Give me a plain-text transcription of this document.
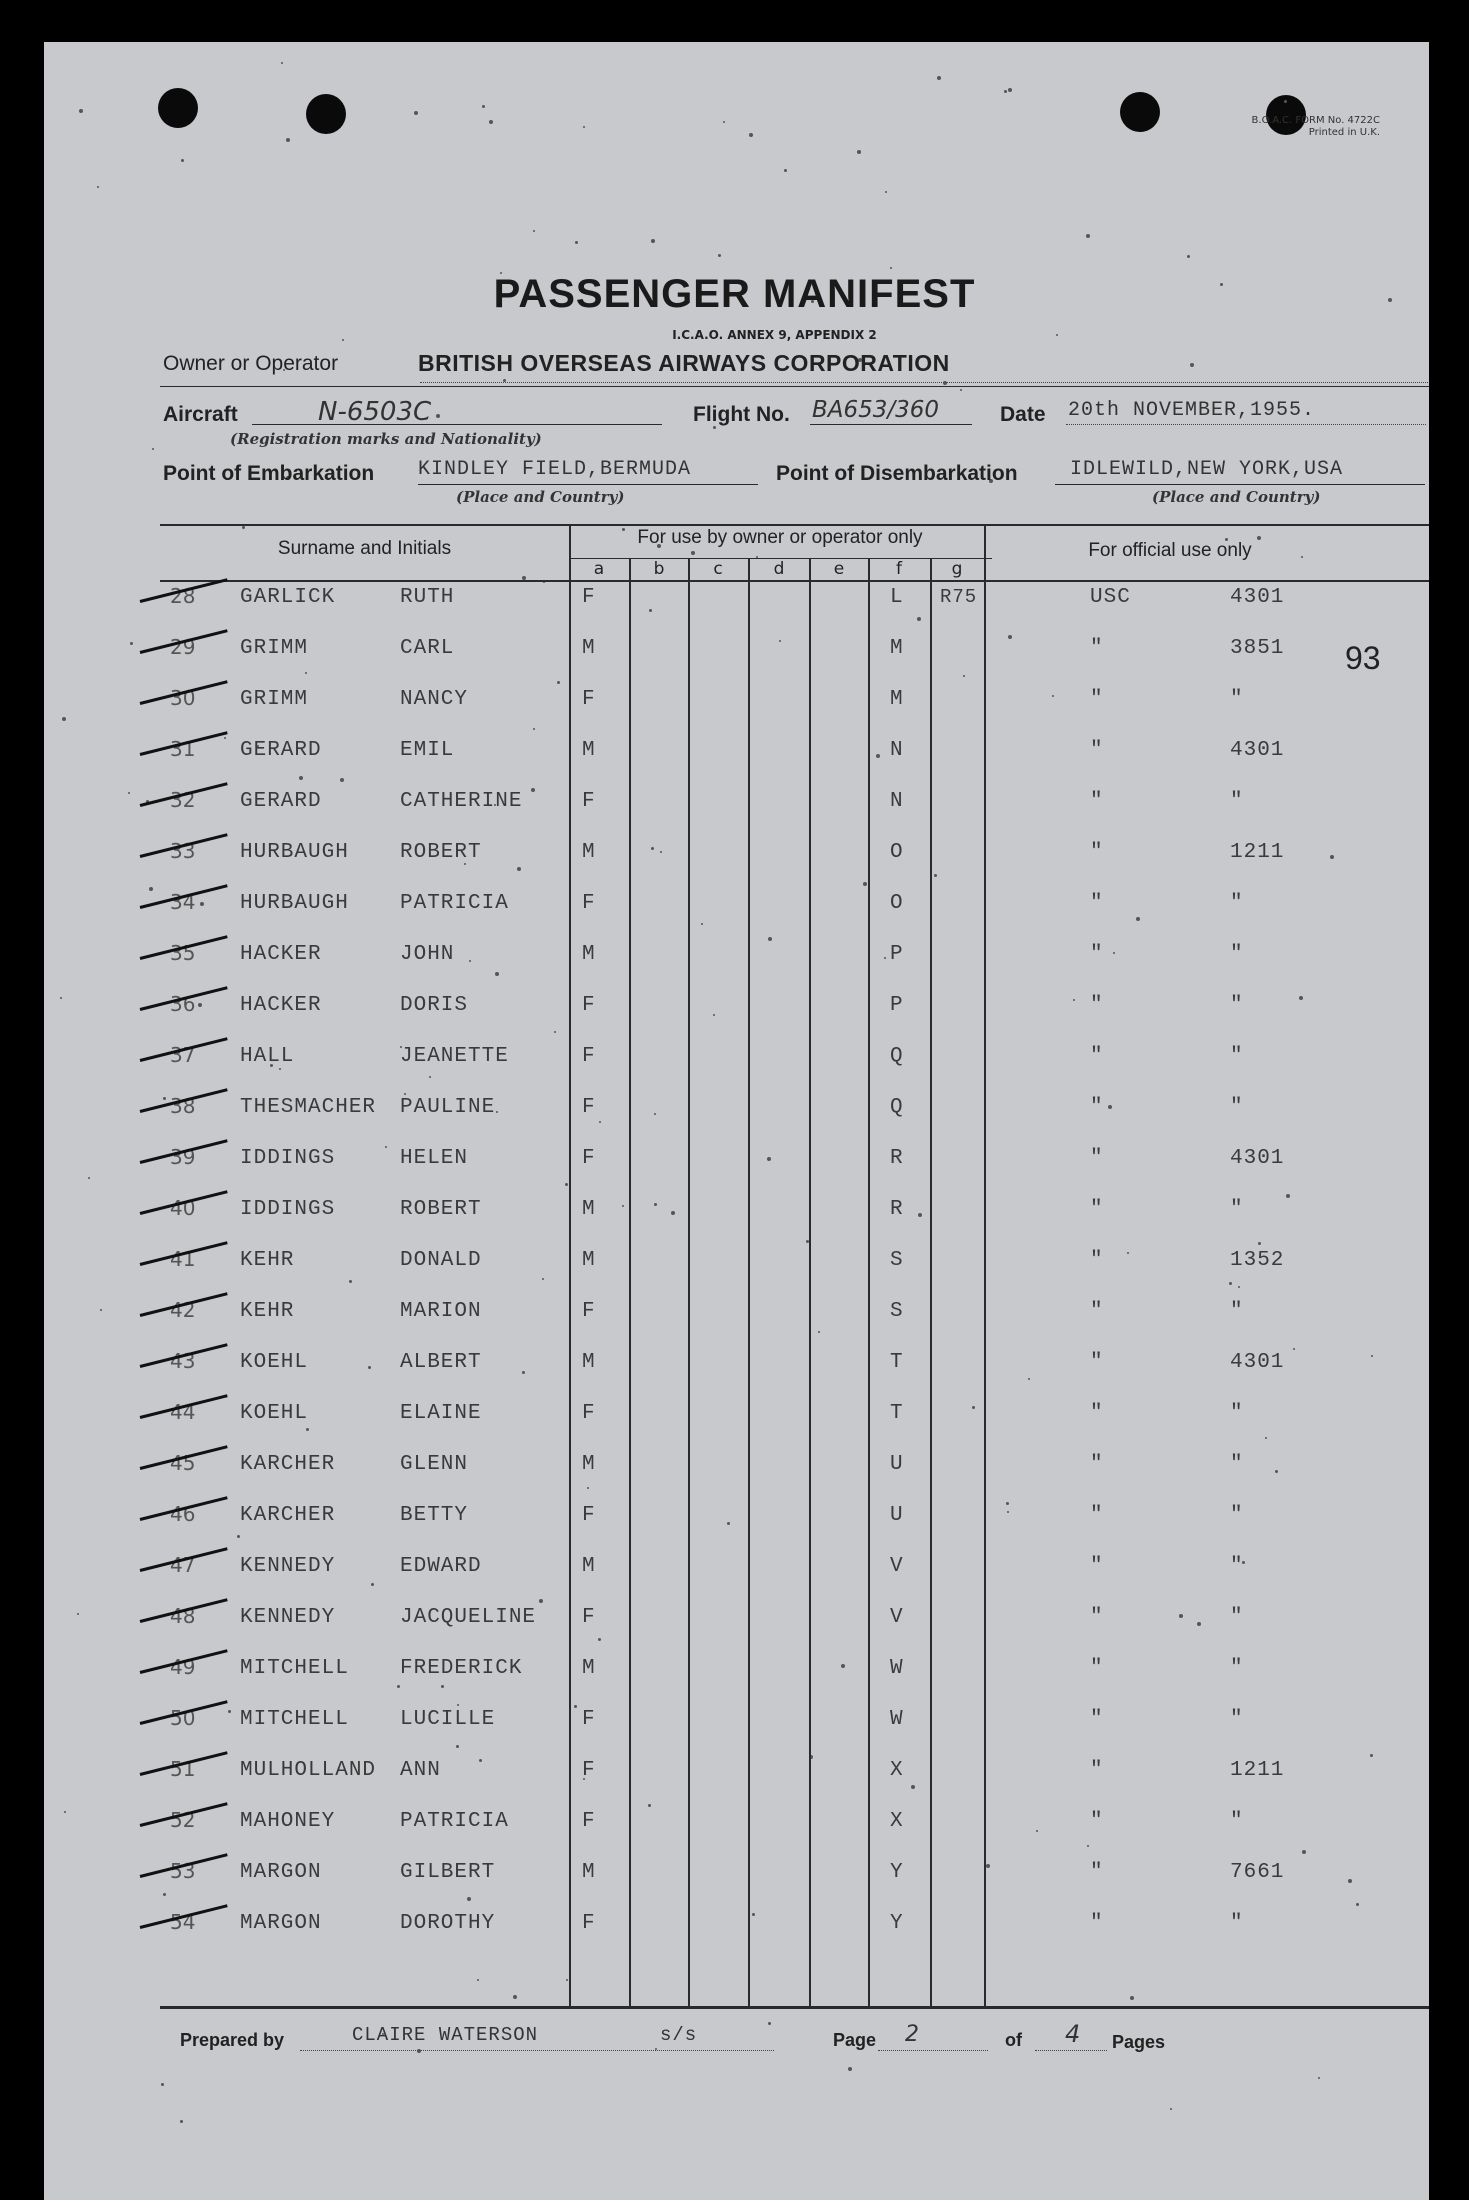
B.O.A.C. FORM No. 4722C
Printed in U.K.
PASSENGER MANIFEST
I.C.A.O. ANNEX 9, APPENDIX 2
Owner or Operator	BRITISH OVERSEAS AIRWAYS CORPORATION
Aircraft	N-6503C
(Registration marks and Nationality)
Flight No. BA653/360	Date 20th NOVEMBER,1955.
Point of Embarkation KINDLEY FIELD,BERMUDA
(Place and Country)
Point of Disembarkation	IDLEWILD,NEW YORK,USA
(Place and Country)
Surname and Initials
For use by owner or operator only
For official use only
a	b	c	d	e	f	g
28 GARLICK	RUTH	F	L R75	USC	4301
29 GRIMM	CARL	M	M	"	3851
30 GRIMM	NANCY	F	M	"	"
31 GERARD	EMIL	M	N	"	4301
32 GERARD	CATHERINE	F	N	"	"
33 HURBAUGH ROBERT	M	O	"	1211
34 HURBAUGH PATRICIA	F	O	"	"
35 HACKER	JOHN	M	P	"	"
36 HACKER	DORIS	F	P	"	"
37 HALL	JEANETTE	F	Q	"	"
38 THESMACHER PAULINE	F	Q	"	"
39 IDDINGS	HELEN	F	R	"	4301
40 IDDINGS	ROBERT	M	R	"	"
41 KEHR	DONALD	M	S	"	1352
42 KEHR	MARION	F	S	"	"
43 KOEHL	ALBERT	M	T	"	4301
44 KOEHL	ELAINE	F	T	"	"
45 KARCHER	GLENN	M	U	"	"
46 KARCHER	BETTY	F	U	"	"
47 KENNEDY	EDWARD	M	V	"	"
48 KENNEDY	JACQUELINE F	V	"	"
49 MITCHELL FREDERICK	M	W	"	"
50 MITCHELL LUCILLE	F	W	"	"
51 MULHOLLAND ANN	F	X	"	1211
52 MAHONEY	PATRICIA	F	X	"	"
53 MARGON	GILBERT	M	Y	"	7661
54 MARGON	DOROTHY	F	Y	"	"
93
Prepared by	CLAIRE WATERSON	s/s	Page 2	of 4 Pages
